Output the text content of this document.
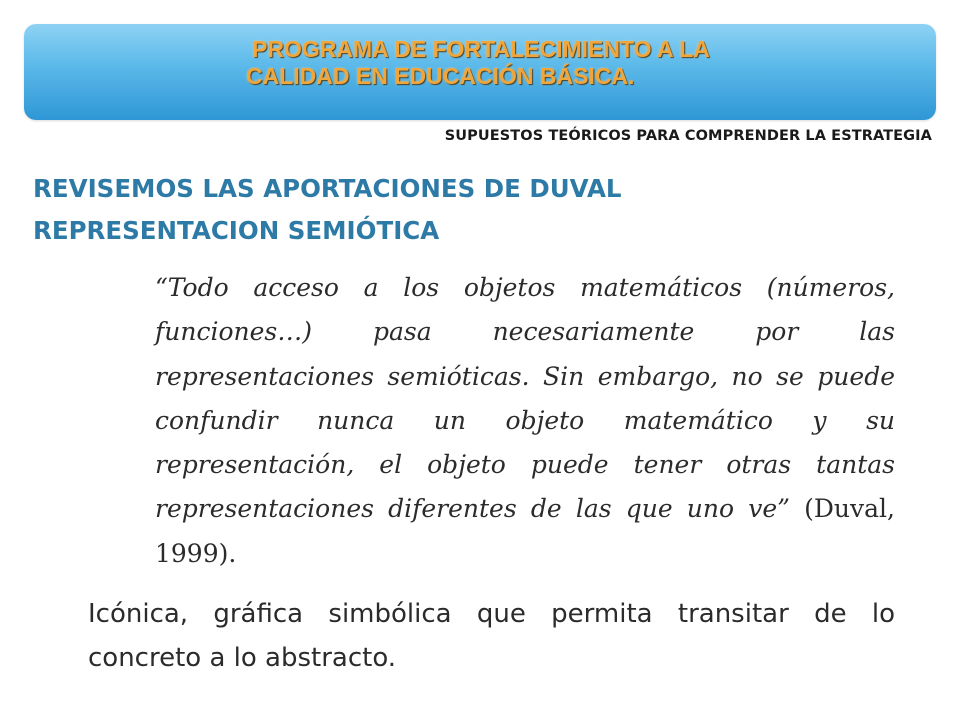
PROGRAMA DE FORTALECIMIENTO A LA
CALIDAD EN EDUCACIÓN BÁSICA.
SUPUESTOS TEÓRICOS PARA COMPRENDER LA ESTRATEGIA
REVISEMOS LAS APORTACIONES DE DUVAL
REPRESENTACION SEMIÓTICA

“Todo acceso a los objetos matemáticos (números, funciones…) pasa necesariamente por las representaciones semióticas. Sin embargo, no se puede confundir nunca un objeto matemático y su representación, el objeto puede tener otras tantas representaciones diferentes de las que uno ve” (Duval, 1999).

Icónica, gráfica simbólica que permita transitar de lo concreto a lo abstracto.
